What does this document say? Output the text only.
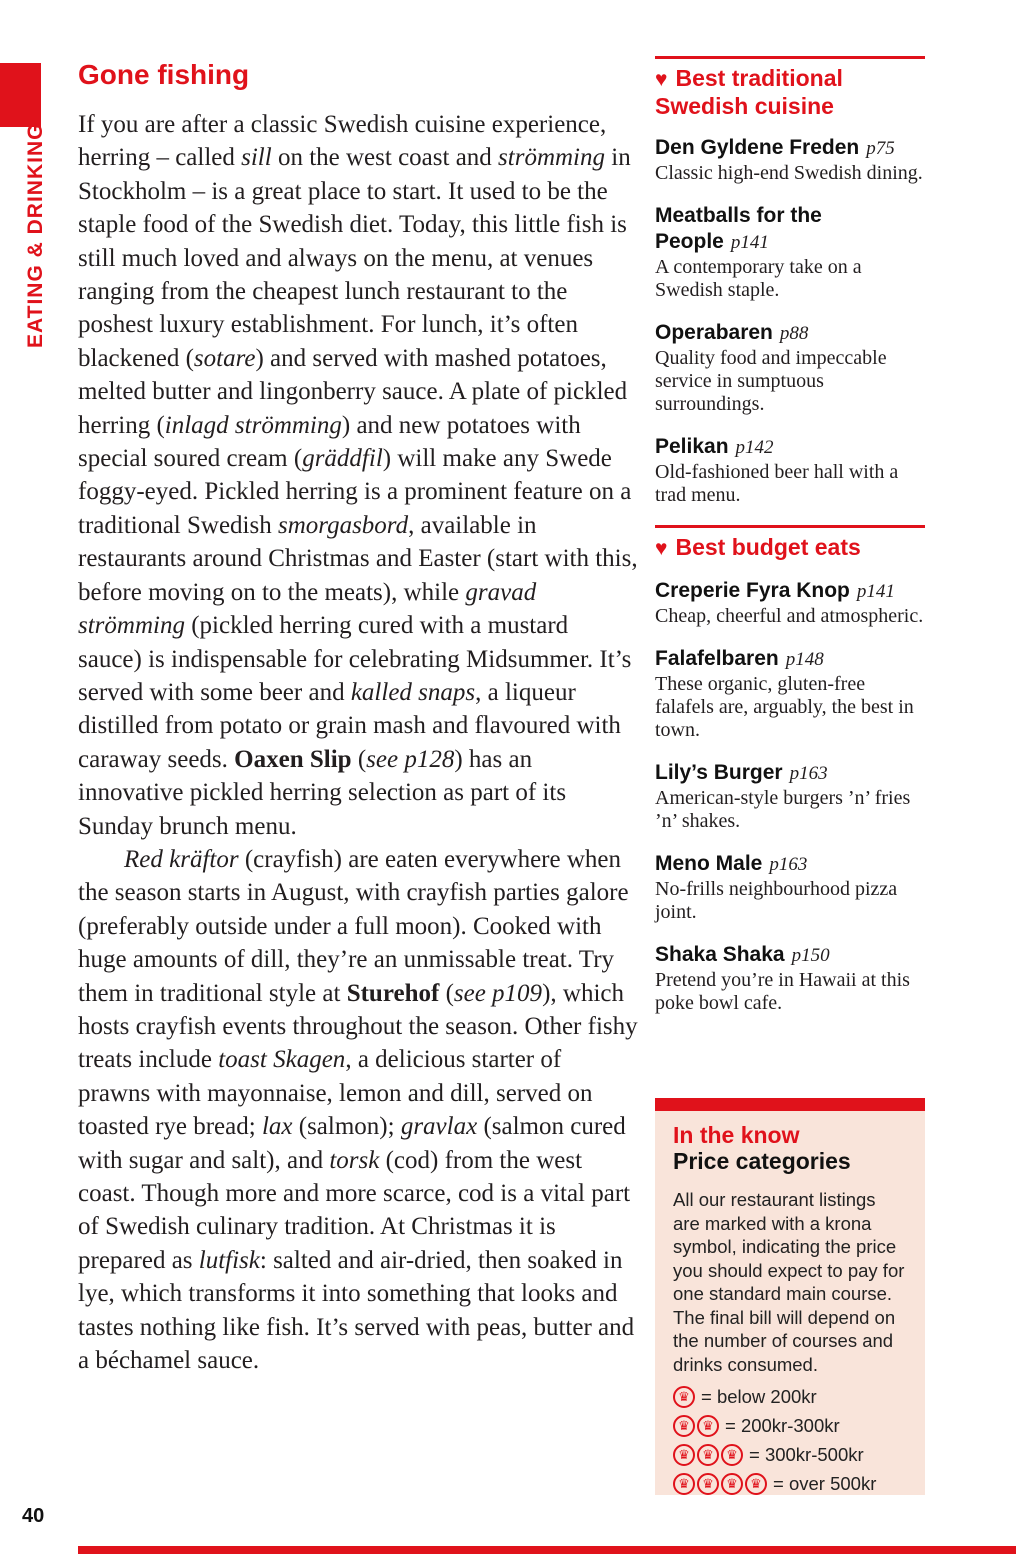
EATING & DRINKING
Gone fishing

If you are after a classic Swedish cuisine experience, herring – called sill on the west coast and strömming in Stockholm – is a great place to start. It used to be the staple food of the Swedish diet. Today, this little fish is still much loved and always on the menu, at venues ranging from the cheapest lunch restaurant to the poshest luxury establishment. For lunch, it’s often blackened (sotare) and served with mashed potatoes, melted butter and lingonberry sauce. A plate of pickled herring (inlagd strömming) and new potatoes with special soured cream (gräddfil) will make any Swede foggy-eyed. Pickled herring is a prominent feature on a traditional Swedish smorgasbord, available in restaurants around Christmas and Easter (start with this, before moving on to the meats), while gravad strömming (pickled herring cured with a mustard sauce) is indispensable for celebrating Midsummer. It’s served with some beer and kalled snaps, a liqueur distilled from potato or grain mash and flavoured with caraway seeds. Oaxen Slip (see p128) has an innovative pickled herring selection as part of its Sunday brunch menu.

Red kräftor (crayfish) are eaten everywhere when the season starts in August, with crayfish parties galore (preferably outside under a full moon). Cooked with huge amounts of dill, they’re an unmissable treat. Try them in traditional style at Sturehof (see p109), which hosts crayfish events throughout the season. Other fishy treats include toast Skagen, a delicious starter of prawns with mayonnaise, lemon and dill, served on toasted rye bread; lax (salmon); gravlax (salmon cured with sugar and salt), and torsk (cod) from the west coast. Though more and more scarce, cod is a vital part of Swedish culinary tradition. At Christmas it is prepared as lutfisk: salted and air-dried, then soaked in lye, which transforms it into something that looks and tastes nothing like fish. It’s served with peas, butter and a béchamel sauce.

♥ Best traditional Swedish cuisine
Den Gyldene Freden p75
Classic high-end Swedish dining.
Meatballs for the People p141
A contemporary take on a Swedish staple.
Operabaren p88
Quality food and impeccable service in sumptuous surroundings.
Pelikan p142
Old-fashioned beer hall with a trad menu.
♥ Best budget eats
Creperie Fyra Knop p141
Cheap, cheerful and atmospheric.
Falafelbaren p148
These organic, gluten-free falafels are, arguably, the best in town.
Lily’s Burger p163
American-style burgers ’n’ fries ’n’ shakes.
Meno Male p163
No-frills neighbourhood pizza joint.
Shaka Shaka p150
Pretend you’re in Hawaii at this poke bowl cafe.
In the know
Price categories
All our restaurant listings are marked with a krona symbol, indicating the price you should expect to pay for one standard main course. The final bill will depend on the number of courses and drinks consumed.
♛ = below 200kr
♛ ♛ = 200kr-300kr
♛ ♛ ♛ = 300kr-500kr
♛ ♛ ♛ ♛ = over 500kr
40
